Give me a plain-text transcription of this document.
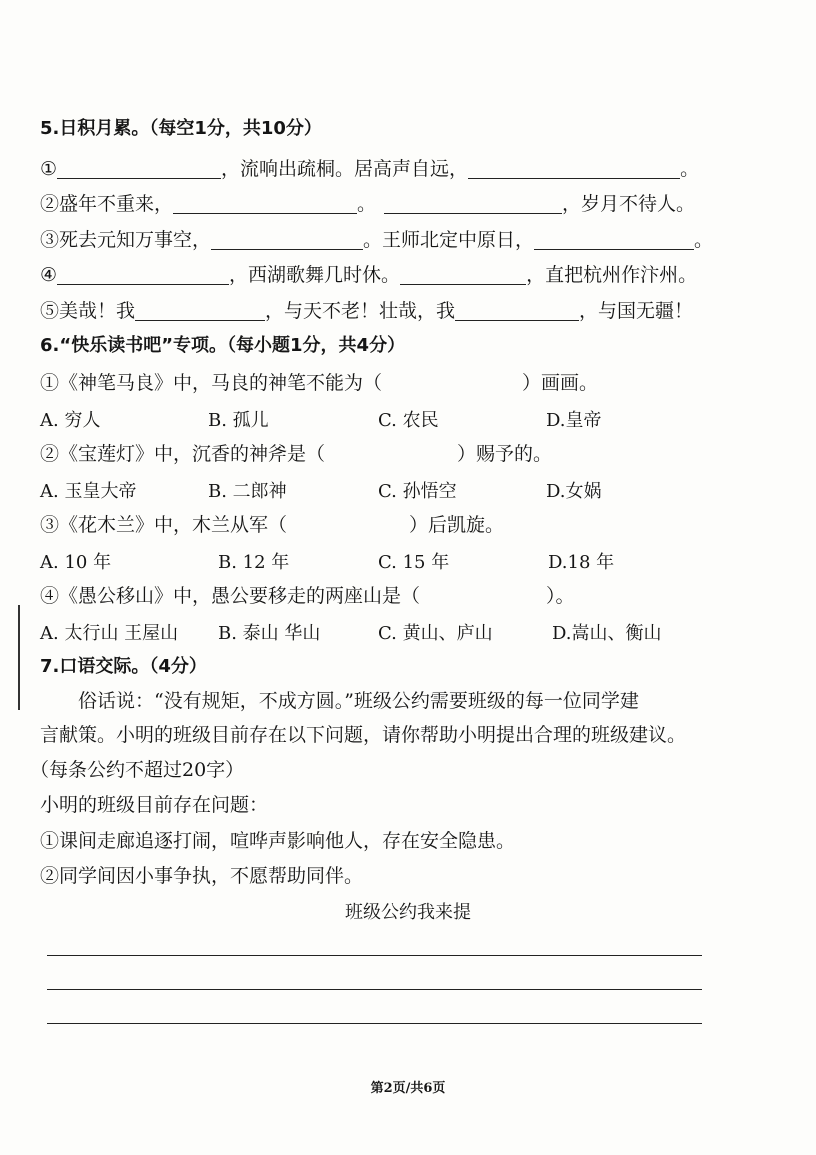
5.日积月累。（每空1分，共10分）
①	，流响出疏桐。居高声自远，	。
②盛年不重来，	。	，岁月不待人。
③死去元知万事空，	。王师北定中原日，	。
④	，西湖歌舞几时休。	，直把杭州作汴州。
⑤美哉！我	，与天不老！壮哉，我	，与国无疆！
6.“快乐读书吧”专项。（每小题1分，共4分）
①《神笔马良》中，马良的神笔不能为（	）画画。
A. 穷人	B. 孤儿	C. 农民	D.皇帝
②《宝莲灯》中，沉香的神斧是（	）赐予的。
A. 玉皇大帝	B. 二郎神	C. 孙悟空	D.女娲
③《花木兰》中，木兰从军（	）后凯旋。
A. 10 年	B. 12 年	C. 15 年	D.18 年
④《愚公移山》中，愚公要移走的两座山是（	）。
A. 太行山 王屋山 B. 泰山 华山	C. 黄山、庐山	D.嵩山、衡山
7.口语交际。（4分）
俗话说：“没有规矩，不成方圆。”班级公约需要班级的每一位同学建
言献策。小明的班级目前存在以下问题，请你帮助小明提出合理的班级建议。
（每条公约不超过20字）
小明的班级目前存在问题：
①课间走廊追逐打闹，喧哗声影响他人，存在安全隐患。
②同学间因小事争执，不愿帮助同伴。
班级公约我来提
第2页/共6页
